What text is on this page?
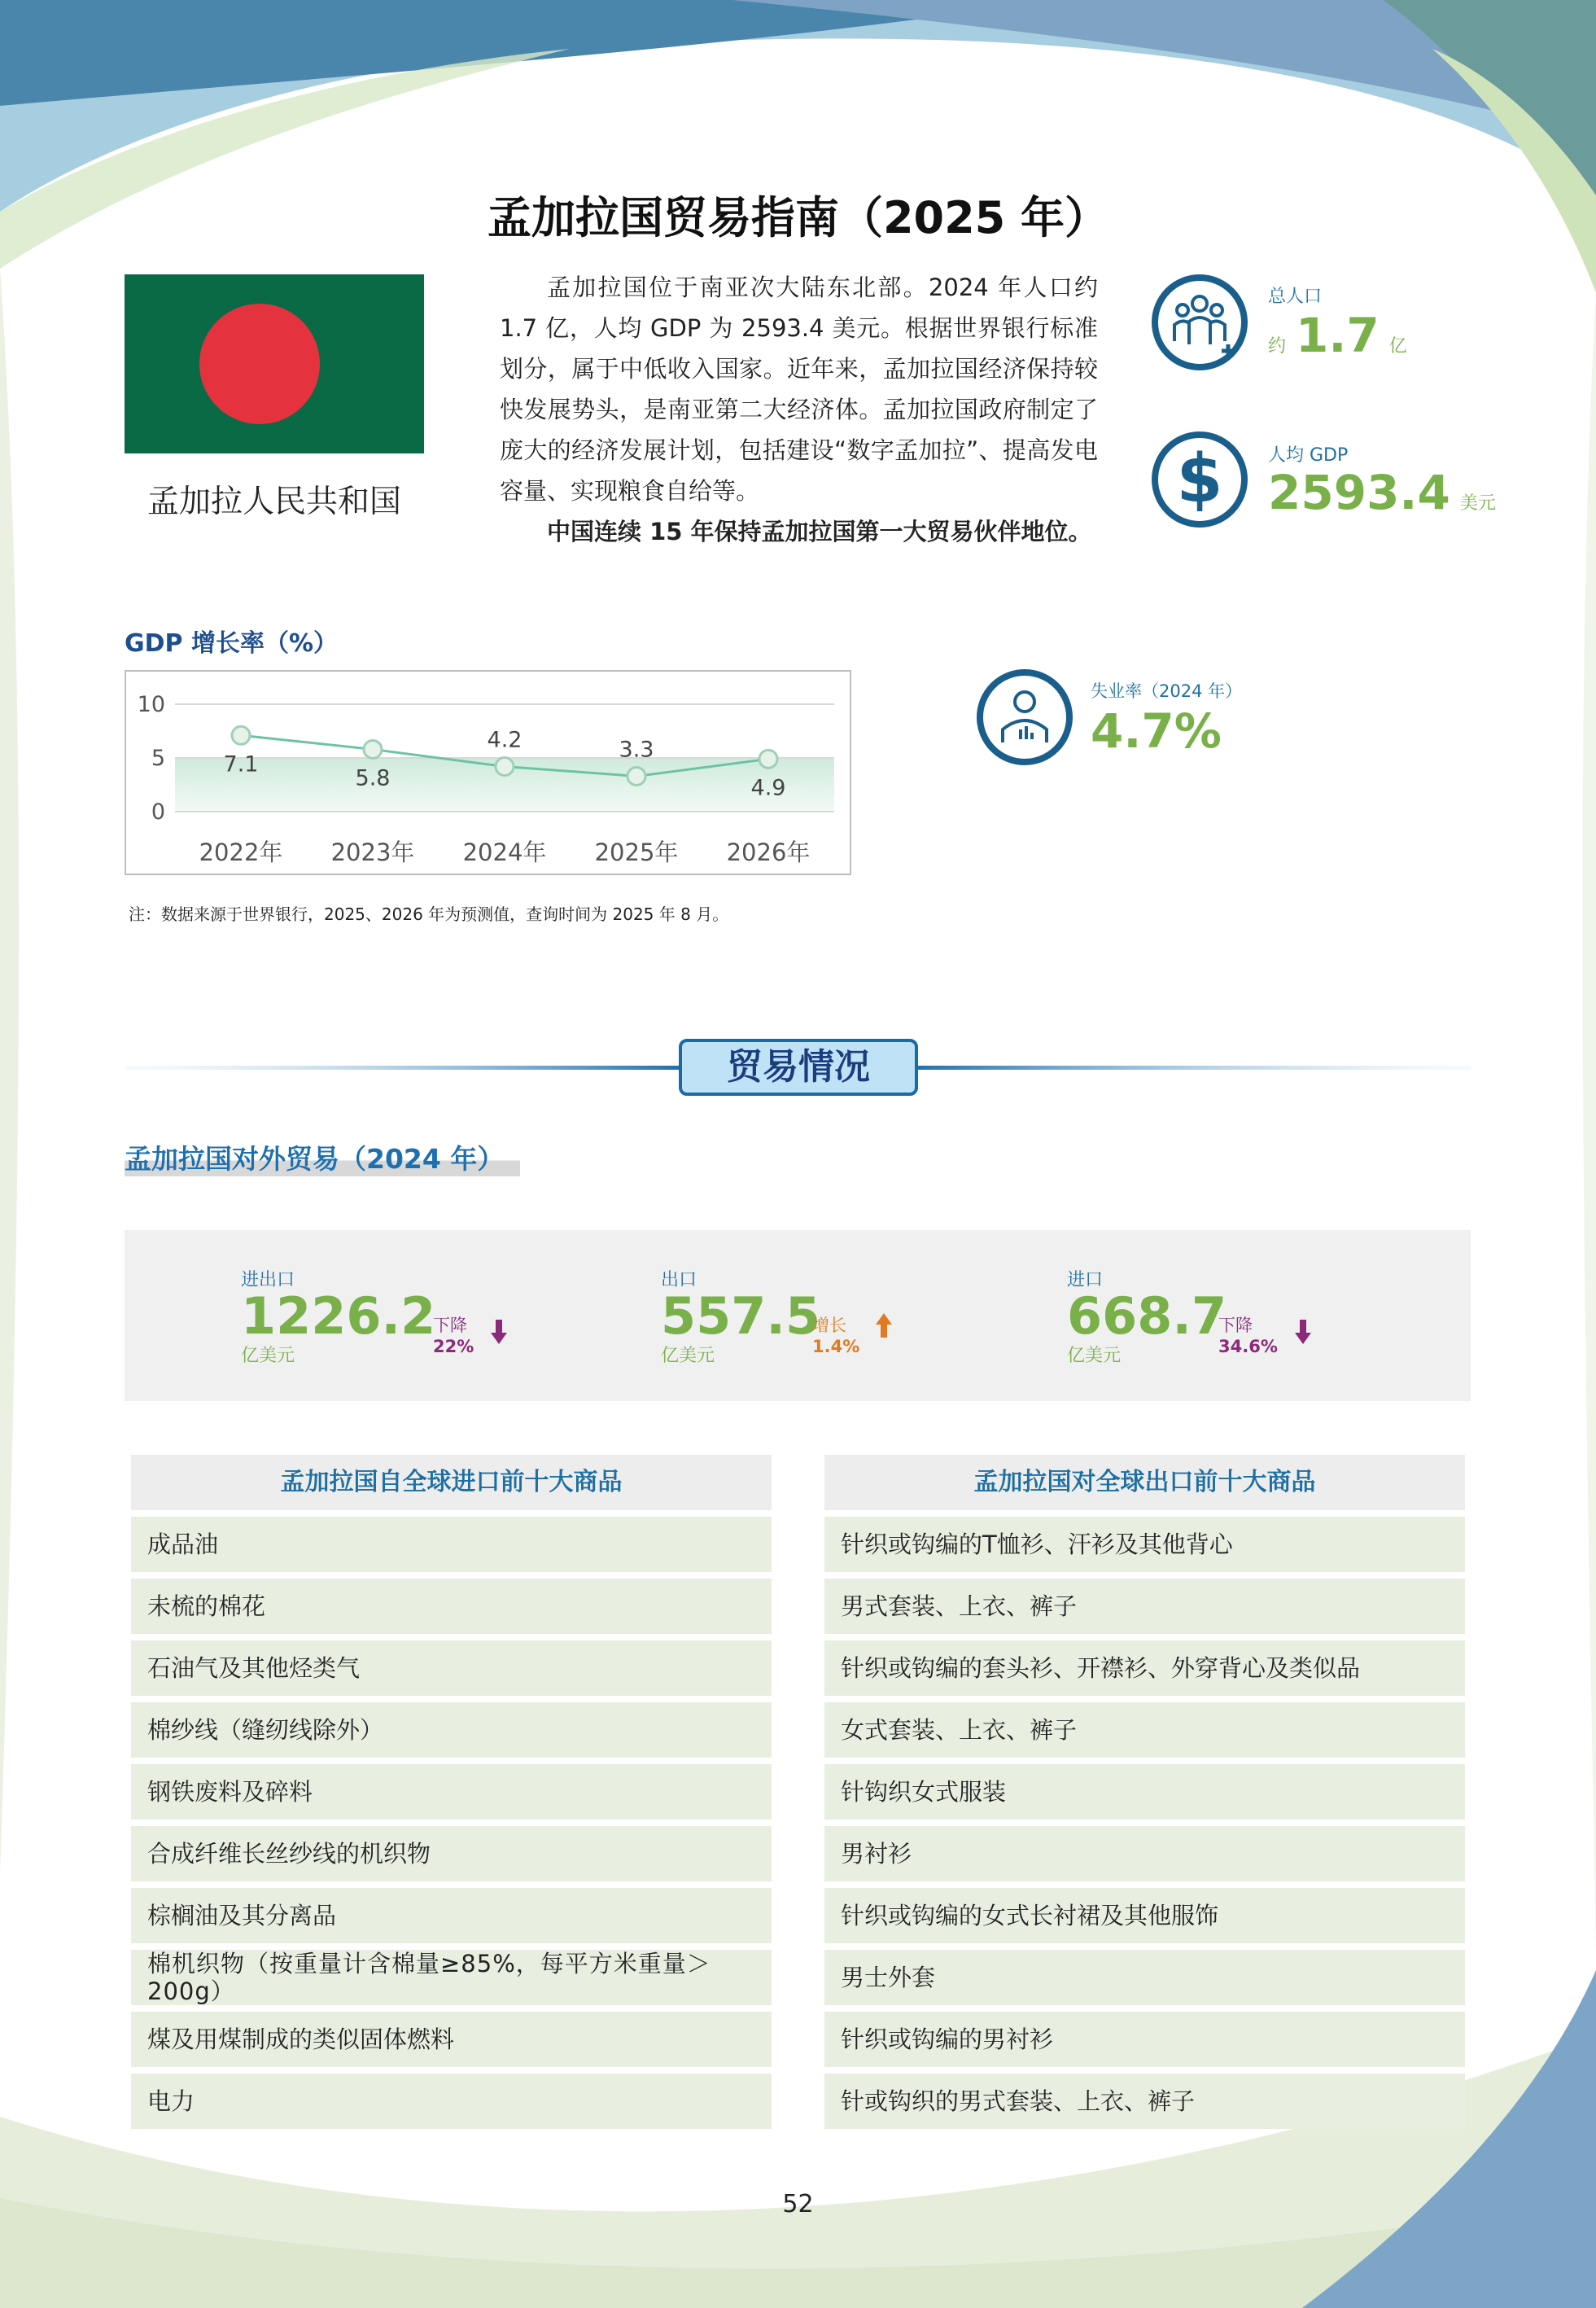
孟加拉国贸易指南（2025 年）
孟加拉人民共和国

孟加拉国位于南亚次大陆东北部。2024 年人口约 1.7 亿，人均 GDP 为 2593.4 美元。根据世界银行标准划分，属于中低收入国家。近年来，孟加拉国经济保持较快发展势头，是南亚第二大经济体。孟加拉国政府制定了庞大的经济发展计划，包括建设“数字孟加拉”、提高发电容量、实现粮食自给等。

中国连续 15 年保持孟加拉国第一大贸易伙伴地位。

总人口
约 1.7 亿
$	人均 GDP
2593.4 美元
GDP 增长率（%）
0
5
10
7.1
2022年
5.8
2023年
4.2
2024年
3.3
2025年
4.9
2026年
注：数据来源于世界银行，2025、2026 年为预测值，查询时间为 2025 年 8 月。
失业率（2024 年）
4.7%
贸易情况
孟加拉国对外贸易（2024 年）
进出口
1226.2
亿美元
下降
22%
出口
557.5
亿美元
增长
1.4%
进口
668.7
亿美元
下降
34.6%
孟加拉国自全球进口前十大商品
成品油
未梳的棉花
石油气及其他烃类气
棉纱线（缝纫线除外）
钢铁废料及碎料
合成纤维长丝纱线的机织物
棕榈油及其分离品
棉机织物（按重量计含棉量≥85%，每平方米重量＞200g）
煤及用煤制成的类似固体燃料
电力
孟加拉国对全球出口前十大商品
针织或钩编的T恤衫、汗衫及其他背心
男式套装、上衣、裤子
针织或钩编的套头衫、开襟衫、外穿背心及类似品
女式套装、上衣、裤子
针钩织女式服装
男衬衫
针织或钩编的女式长衬裙及其他服饰
男士外套
针织或钩编的男衬衫
针或钩织的男式套装、上衣、裤子
52
